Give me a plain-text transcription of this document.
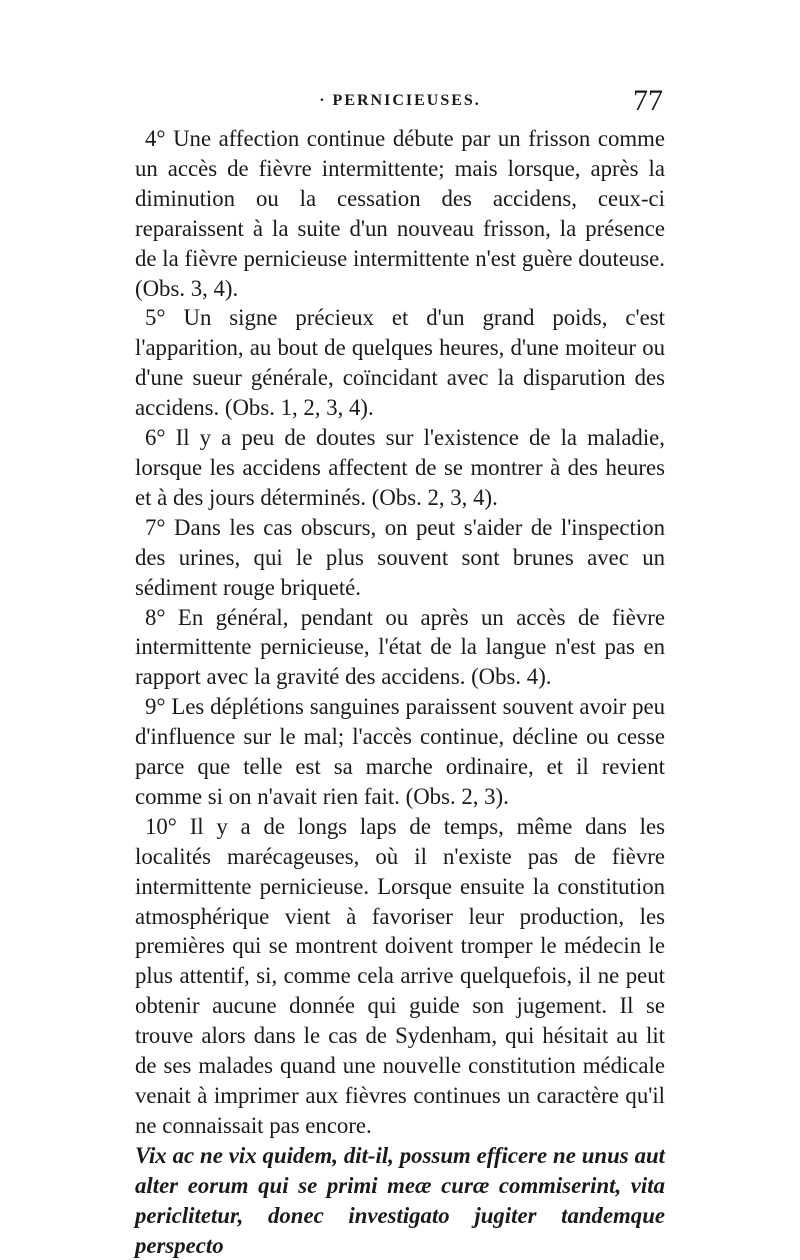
· PERNICIEUSES.	77

4° Une affection continue débute par un frisson comme un accès de fièvre intermittente; mais lorsque, après la diminution ou la cessation des accidens, ceux-ci reparaissent à la suite d'un nouveau frisson, la présence de la fièvre pernicieuse intermittente n'est guère douteuse. (Obs. 3, 4).

5° Un signe précieux et d'un grand poids, c'est l'apparition, au bout de quelques heures, d'une moiteur ou d'une sueur générale, coïncidant avec la disparution des accidens. (Obs. 1, 2, 3, 4).

6° Il y a peu de doutes sur l'existence de la maladie, lorsque les accidens affectent de se montrer à des heures et à des jours déterminés. (Obs. 2, 3, 4).

7° Dans les cas obscurs, on peut s'aider de l'inspection des urines, qui le plus souvent sont brunes avec un sédiment rouge briqueté.

8° En général, pendant ou après un accès de fièvre intermittente pernicieuse, l'état de la langue n'est pas en rapport avec la gravité des accidens. (Obs. 4).

9° Les déplétions sanguines paraissent souvent avoir peu d'influence sur le mal; l'accès continue, décline ou cesse parce que telle est sa marche ordinaire, et il revient comme si on n'avait rien fait. (Obs. 2, 3).

10° Il y a de longs laps de temps, même dans les localités marécageuses, où il n'existe pas de fièvre intermittente pernicieuse. Lorsque ensuite la constitution atmosphérique vient à favoriser leur production, les premières qui se montrent doivent tromper le médecin le plus attentif, si, comme cela arrive quelquefois, il ne peut obtenir aucune donnée qui guide son jugement. Il se trouve alors dans le cas de Sydenham, qui hésitait au lit de ses malades quand une nouvelle constitution médicale venait à imprimer aux fièvres continues un caractère qu'il ne connaissait pas encore.

Vix ac ne vix quidem, dit-il, possum efficere ne unus aut alter eorum qui se primi meæ curæ commiserint, vita periclitetur, donec investigato jugiter tandemque perspecto
